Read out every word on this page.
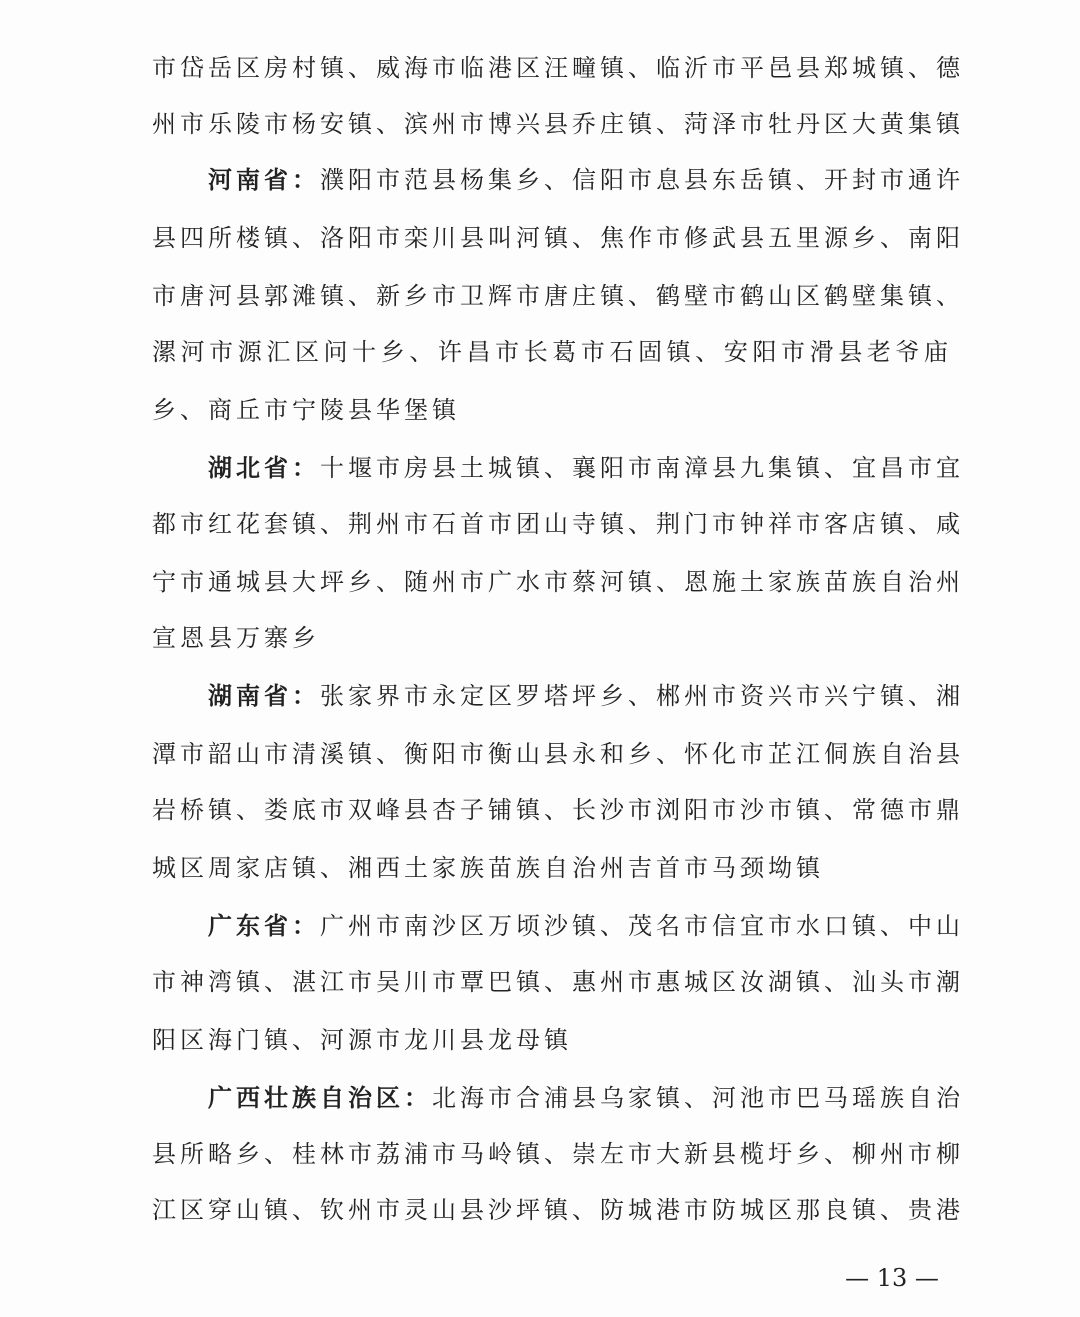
市岱岳区房村镇、威海市临港区汪疃镇、临沂市平邑县郑城镇、德
州市乐陵市杨安镇、滨州市博兴县乔庄镇、菏泽市牡丹区大黄集镇
河南省：濮阳市范县杨集乡、信阳市息县东岳镇、开封市通许
县四所楼镇、洛阳市栾川县叫河镇、焦作市修武县五里源乡、南阳
市唐河县郭滩镇、新乡市卫辉市唐庄镇、鹤壁市鹤山区鹤壁集镇、
漯河市源汇区问十乡、许昌市长葛市石固镇、安阳市滑县老爷庙
乡、商丘市宁陵县华堡镇
湖北省：十堰市房县土城镇、襄阳市南漳县九集镇、宜昌市宜
都市红花套镇、荆州市石首市团山寺镇、荆门市钟祥市客店镇、咸
宁市通城县大坪乡、随州市广水市蔡河镇、恩施土家族苗族自治州
宣恩县万寨乡
湖南省：张家界市永定区罗塔坪乡、郴州市资兴市兴宁镇、湘
潭市韶山市清溪镇、衡阳市衡山县永和乡、怀化市芷江侗族自治县
岩桥镇、娄底市双峰县杏子铺镇、长沙市浏阳市沙市镇、常德市鼎
城区周家店镇、湘西土家族苗族自治州吉首市马颈坳镇
广东省：广州市南沙区万顷沙镇、茂名市信宜市水口镇、中山
市神湾镇、湛江市吴川市覃巴镇、惠州市惠城区汝湖镇、汕头市潮
阳区海门镇、河源市龙川县龙母镇
广西壮族自治区：北海市合浦县乌家镇、河池市巴马瑶族自治
县所略乡、桂林市荔浦市马岭镇、崇左市大新县榄圩乡、柳州市柳
江区穿山镇、钦州市灵山县沙坪镇、防城港市防城区那良镇、贵港
— 13 —
